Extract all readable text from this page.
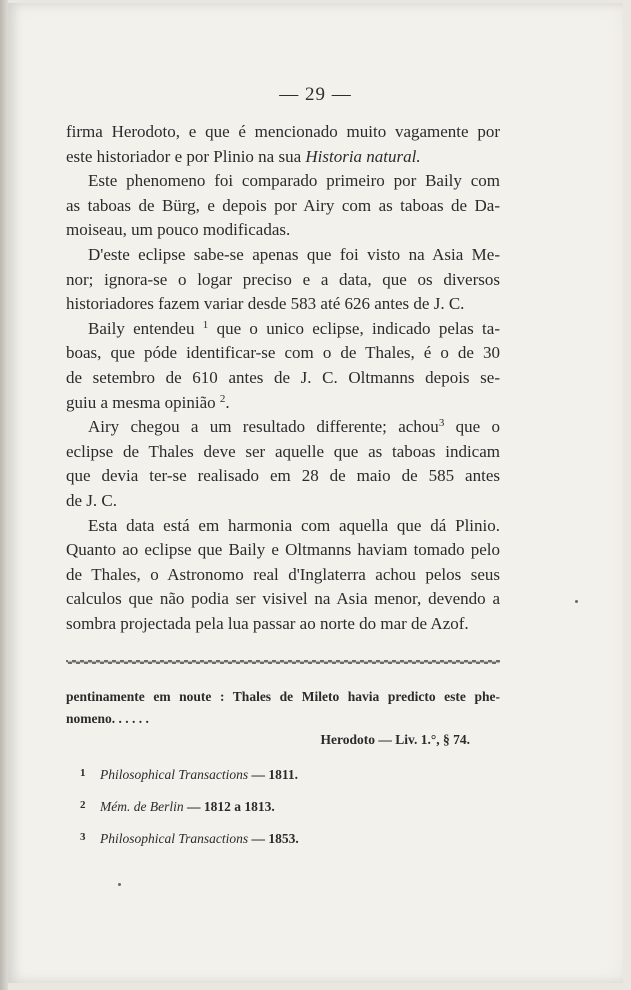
— 29 —
firma Herodoto, e que é mencionado muito vagamente por
este historiador e por Plinio na sua Historia natural.
Este phenomeno foi comparado primeiro por Baily com
as taboas de Bürg, e depois por Airy com as taboas de Da-
moiseau, um pouco modificadas.
D'este eclipse sabe-se apenas que foi visto na Asia Me-
nor; ignora-se o logar preciso e a data, que os diversos
historiadores fazem variar desde 583 até 626 antes de J. C.
Baily entendeu $^1$ que o unico eclipse, indicado pelas ta-
boas, que póde identificar-se com o de Thales, é o de 30
de setembro de 610 antes de J. C. Oltmanns depois se-
guiu a mesma opinião $^2$.
Airy chegou a um resultado differente; achou$^3$ que o
eclipse de Thales deve ser aquelle que as taboas indicam
que devia ter-se realisado em 28 de maio de 585 antes
de J. C.
Esta data está em harmonia com aquella que dá Plinio.
Quanto ao eclipse que Baily e Oltmanns haviam tomado pelo
de Thales, o Astronomo real d'Inglaterra achou pelos seus
calculos que não podia ser visivel na Asia menor, devendo a
sombra projectada pela lua passar ao norte do mar de Azof.
pentinamente em noute : Thales de Mileto havia predicto este phe-
nomeno. . . . . .
Herodoto — Liv. 1.°, § 74.
1 Philosophical Transactions — 1811.
2 Mém. de Berlin — 1812 a 1813.
3 Philosophical Transactions — 1853.
